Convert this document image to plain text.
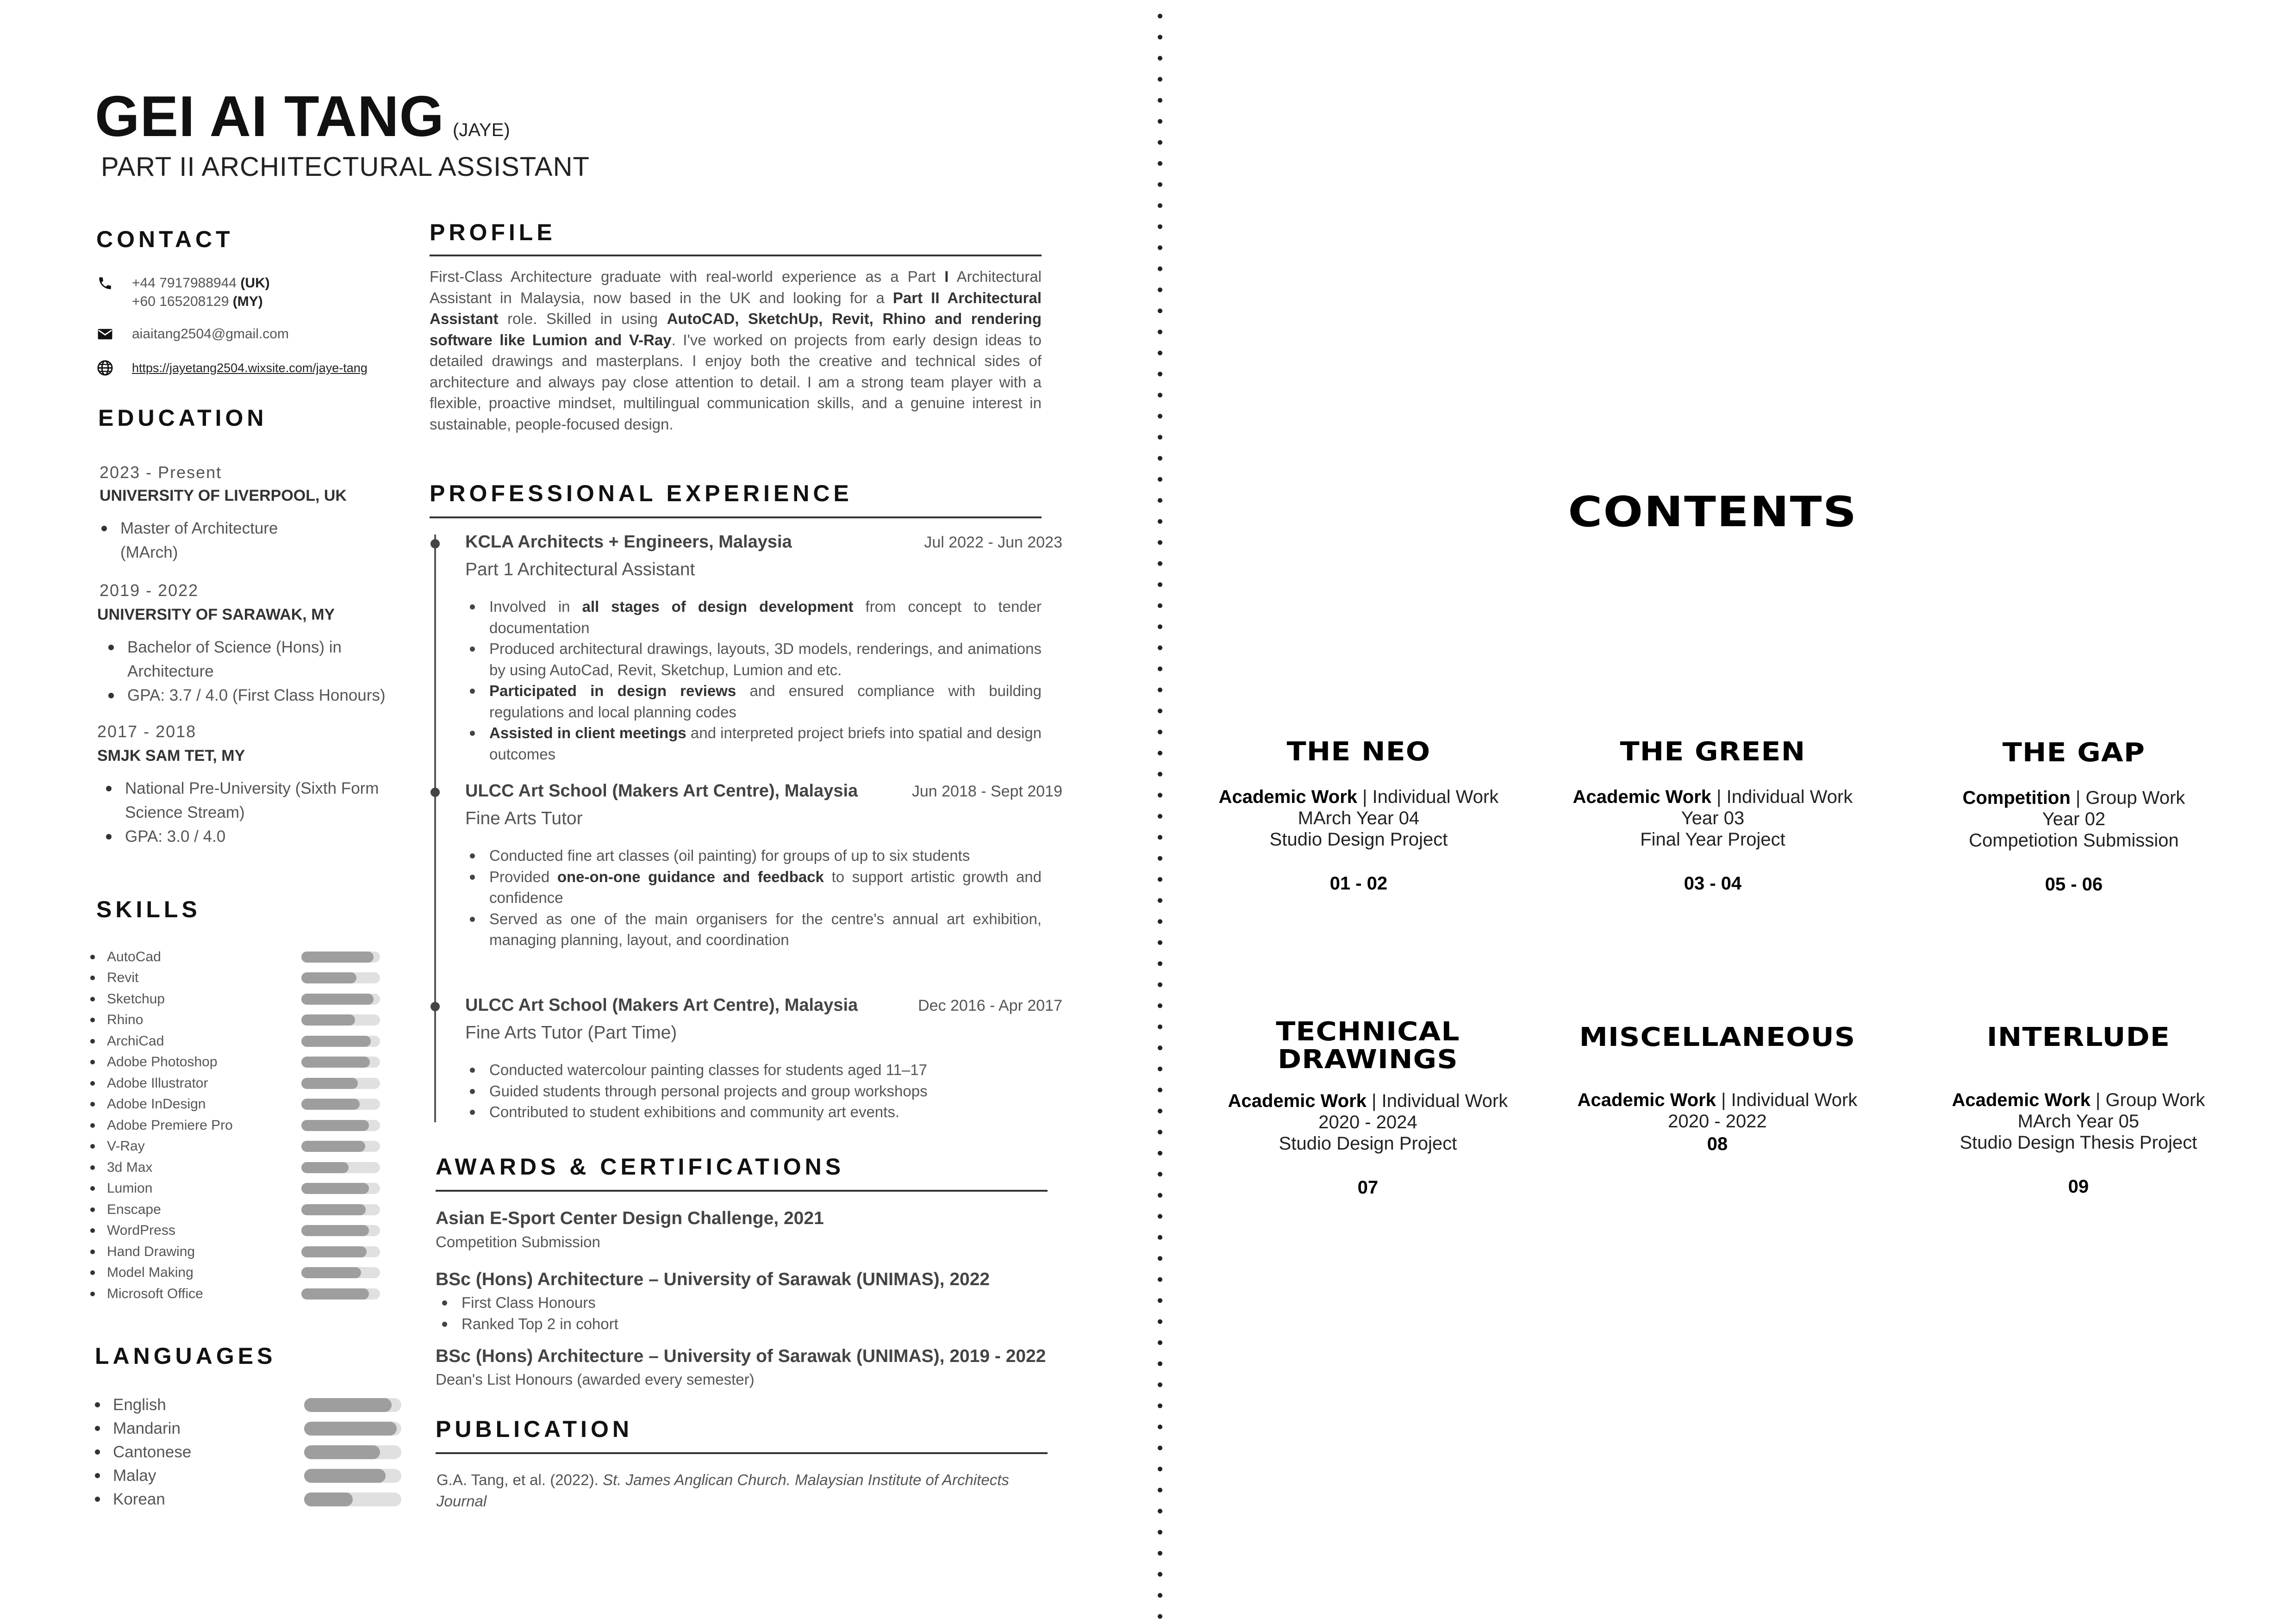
GEI AI TANG (JAYE)
PART II ARCHITECTURAL ASSISTANT
CONTACT
+44 7917988944 (UK)
+60 165208129 (MY)
aiaitang2504@gmail.com
https://jayetang2504.wixsite.com/jaye-tang
EDUCATION
2023 - Present
UNIVERSITY OF LIVERPOOL, UK
Master of Architecture (MArch)
2019 - 2022
UNIVERSITY OF SARAWAK, MY
Bachelor of Science (Hons) in Architecture
GPA: 3.7 / 4.0 (First Class Honours)
2017 - 2018
SMJK SAM TET, MY
National Pre-University (Sixth Form Science Stream)
GPA: 3.0 / 4.0
SKILLS
AutoCad
Revit
Sketchup
Rhino
ArchiCad
Adobe Photoshop
Adobe Illustrator
Adobe InDesign
Adobe Premiere Pro
V-Ray
3d Max
Lumion
Enscape
WordPress
Hand Drawing
Model Making
Microsoft Office
LANGUAGES
English
Mandarin
Cantonese
Malay
Korean
PROFILE
First-Class Architecture graduate with real-world experience as a Part I Architectural Assistant in Malaysia, now based in the UK and looking for a Part II Architectural Assistant role. Skilled in using AutoCAD, SketchUp, Revit, Rhino and rendering software like Lumion and V-Ray. I've worked on projects from early design ideas to detailed drawings and masterplans. I enjoy both the creative and technical sides of architecture and always pay close attention to detail. I am a strong team player with a flexible, proactive mindset, multilingual communication skills, and a genuine interest in sustainable, people-focused design.
PROFESSIONAL EXPERIENCE
KCLA Architects + Engineers, Malaysia	Jul 2022 - Jun 2023
Part 1 Architectural Assistant
Involved in all stages of design development from concept to tender documentation
Produced architectural drawings, layouts, 3D models, renderings, and animations by using AutoCad, Revit, Sketchup, Lumion and etc.
Participated in design reviews and ensured compliance with building regulations and local planning codes
Assisted in client meetings and interpreted project briefs into spatial and design outcomes
ULCC Art School (Makers Art Centre), Malaysia	Jun 2018 - Sept 2019
Fine Arts Tutor
Conducted fine art classes (oil painting) for groups of up to six students
Provided one-on-one guidance and feedback to support artistic growth and confidence
Served as one of the main organisers for the centre's annual art exhibition, managing planning, layout, and coordination
ULCC Art School (Makers Art Centre), Malaysia	Dec 2016 - Apr 2017
Fine Arts Tutor (Part Time)
Conducted watercolour painting classes for students aged 11–17
Guided students through personal projects and group workshops
Contributed to student exhibitions and community art events.
AWARDS & CERTIFICATIONS
Asian E-Sport Center Design Challenge, 2021
Competition Submission
BSc (Hons) Architecture – University of Sarawak (UNIMAS), 2022
First Class Honours
Ranked Top 2 in cohort
BSc (Hons) Architecture – University of Sarawak (UNIMAS), 2019 - 2022
Dean's List Honours (awarded every semester)
PUBLICATION
G.A. Tang, et al. (2022). St. James Anglican Church. Malaysian Institute of Architects Journal
CONTENTS
THE NEO
Academic Work | Individual Work
MArch Year 04
Studio Design Project
01 - 02
THE GREEN
Academic Work | Individual Work
Year 03
Final Year Project
03 - 04
THE GAP
Competition | Group Work
Year 02
Competiotion Submission
05 - 06
TECHNICAL DRAWINGS
Academic Work | Individual Work
2020 - 2024
Studio Design Project
07
MISCELLANEOUS
Academic Work | Individual Work
2020 - 2022
08
INTERLUDE
Academic Work | Group Work
MArch Year 05
Studio Design Thesis Project
09
